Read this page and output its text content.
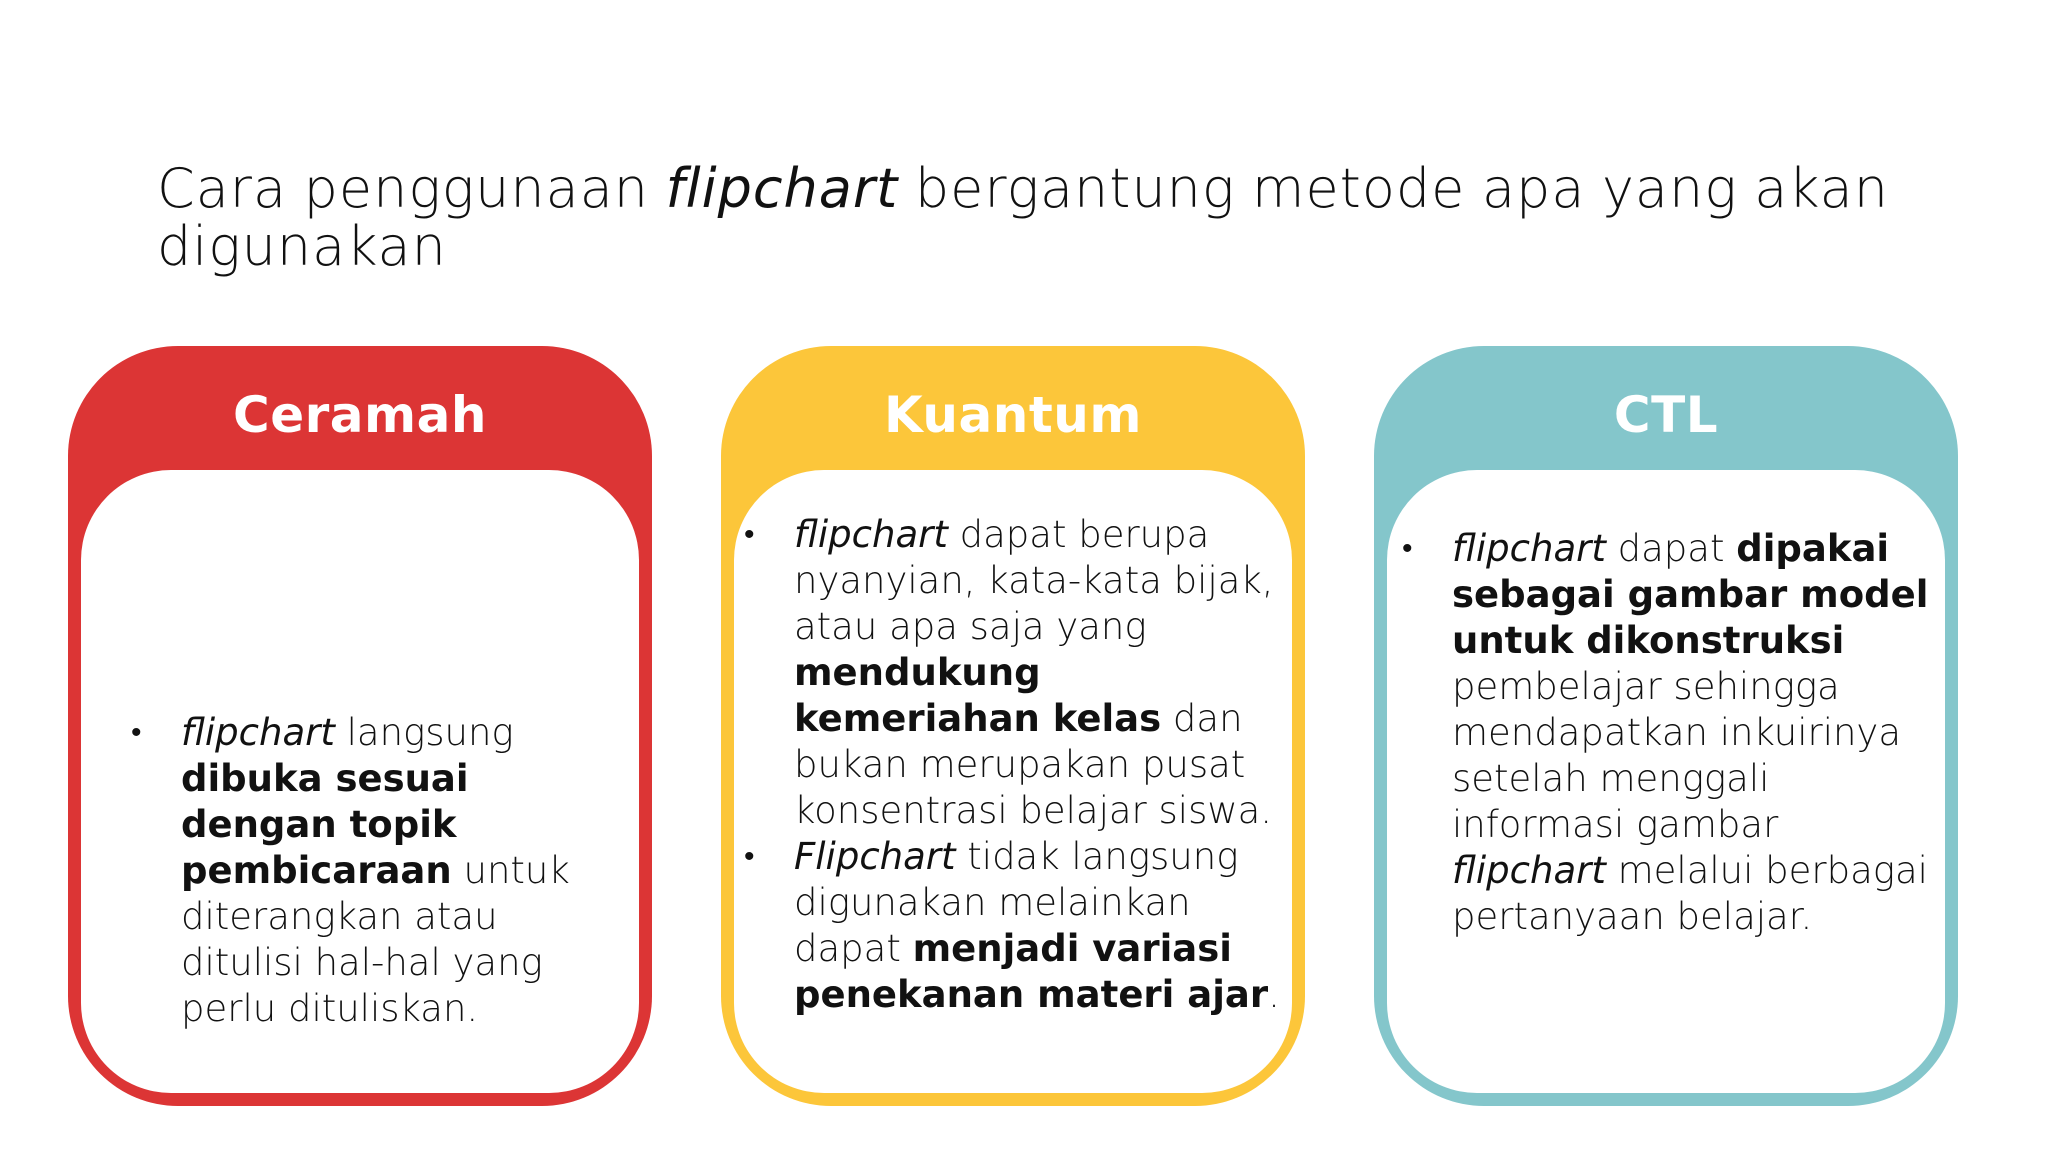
Cara penggunaan flipchart bergantung metode apa yang akan
digunakan
Ceramah
• flipchart langsung dibuka sesuai dengan topik pembicaraan untuk diterangkan atau ditulisi hal-hal yang perlu dituliskan.
Kuantum
• flipchart dapat berupa nyanyian, kata-kata bijak, atau apa saja yang mendukung kemeriahan kelas dan bukan merupakan pusat konsentrasi belajar siswa.
• Flipchart tidak langsung digunakan melainkan dapat menjadi variasi penekanan materi ajar.
CTL
• flipchart dapat dipakai sebagai gambar model untuk dikonstruksi pembelajar sehingga mendapatkan inkuirinya setelah menggali informasi gambar flipchart melalui berbagai pertanyaan belajar.
